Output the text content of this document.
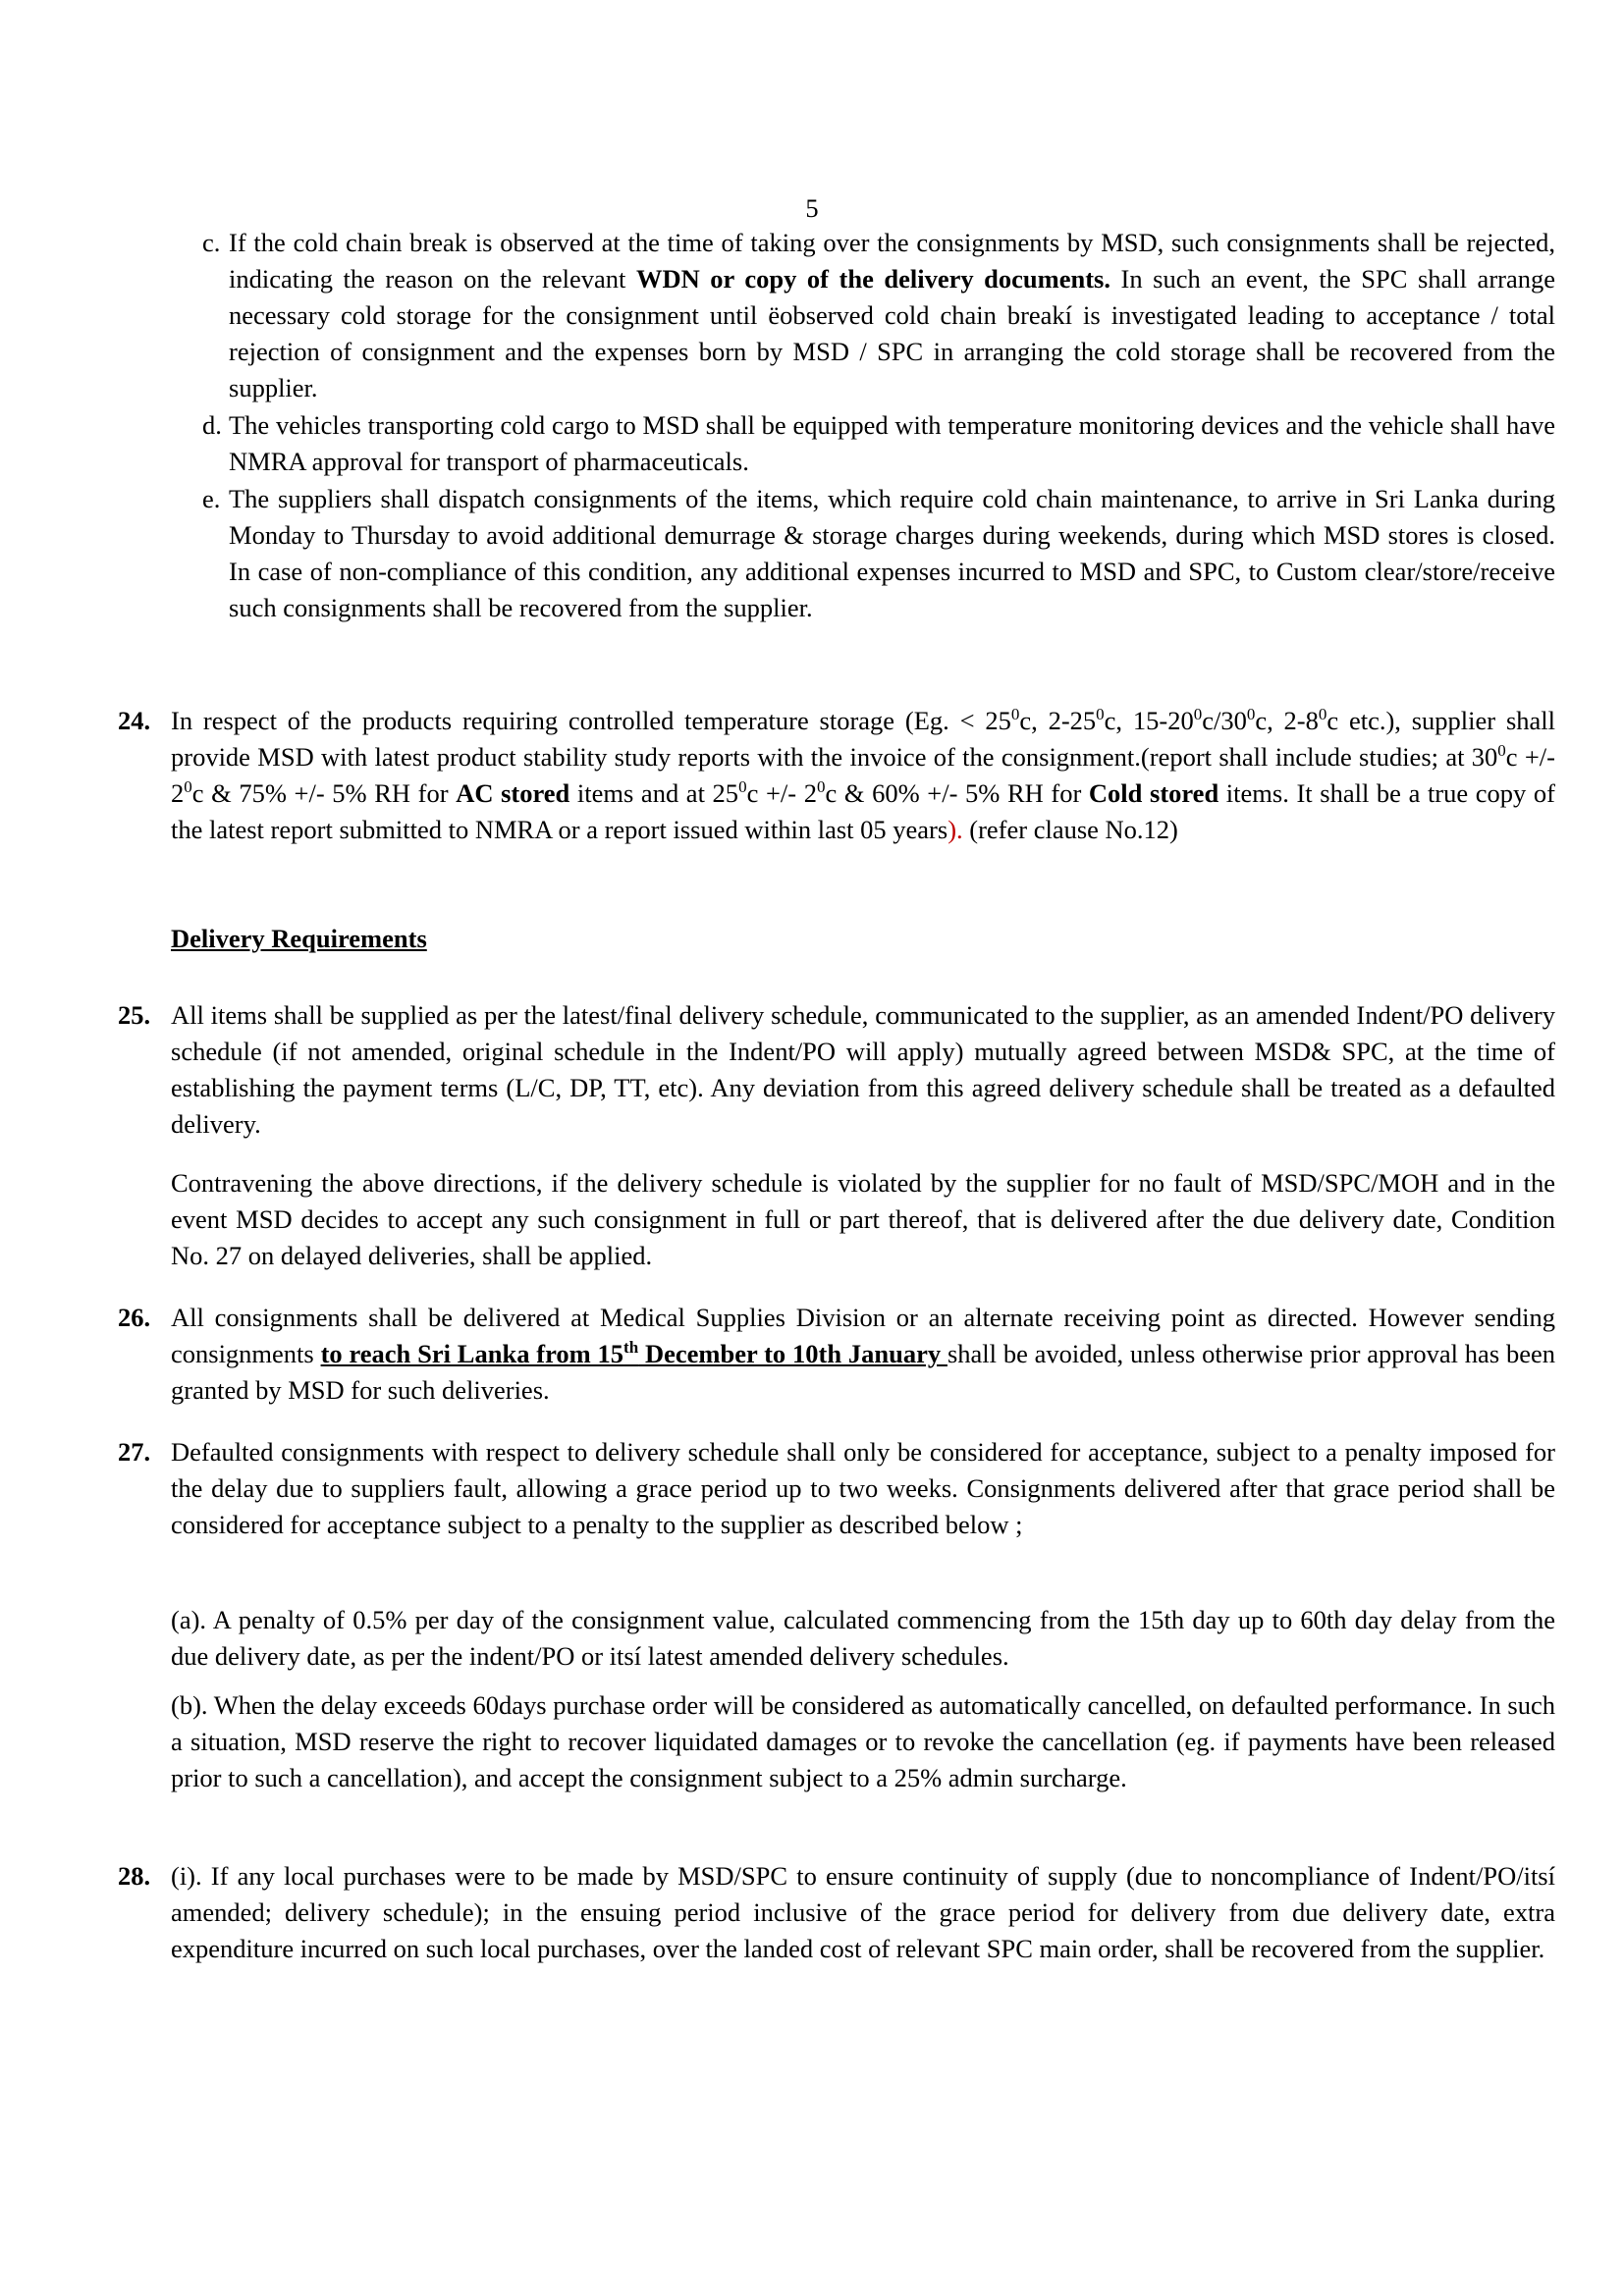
5
c. If the cold chain break is observed at the time of taking over the consignments by MSD, such consignments shall be rejected, indicating the reason on the relevant WDN or copy of the delivery documents. In such an event, the SPC shall arrange necessary cold storage for the consignment until ëobserved cold chain breakí is investigated leading to acceptance / total rejection of consignment and the expenses born by MSD / SPC in arranging the cold storage shall be recovered from the supplier.
d. The vehicles transporting cold cargo to MSD shall be equipped with temperature monitoring devices and the vehicle shall have NMRA approval for transport of pharmaceuticals.
e. The suppliers shall dispatch consignments of the items, which require cold chain maintenance, to arrive in Sri Lanka during Monday to Thursday to avoid additional demurrage & storage charges during weekends, during which MSD stores is closed. In case of non-compliance of this condition, any additional expenses incurred to MSD and SPC, to Custom clear/store/receive such consignments shall be recovered from the supplier.
24. In respect of the products requiring controlled temperature storage (Eg. < $25^0c$, $2-25^0c$, $15-20^0c/30^0c$, $2-8^0c$ etc.), supplier shall provide MSD with latest product stability study reports with the invoice of the consignment.(report shall include studies; at $30^0c$ +/- $2^0c$ & 75% +/- 5% RH for AC stored items and at $25^0c$ +/- $2^0c$ & 60% +/- 5% RH for Cold stored items. It shall be a true copy of the latest report submitted to NMRA or a report issued within last 05 years). (refer clause No.12)
Delivery Requirements
25. All items shall be supplied as per the latest/final delivery schedule, communicated to the supplier, as an amended Indent/PO delivery schedule (if not amended, original schedule in the Indent/PO will apply) mutually agreed between MSD& SPC, at the time of establishing the payment terms (L/C, DP, TT, etc). Any deviation from this agreed delivery schedule shall be treated as a defaulted delivery.
Contravening the above directions, if the delivery schedule is violated by the supplier for no fault of MSD/SPC/MOH and in the event MSD decides to accept any such consignment in full or part thereof, that is delivered after the due delivery date, Condition No. 27 on delayed deliveries, shall be applied.
26. All consignments shall be delivered at Medical Supplies Division or an alternate receiving point as directed. However sending consignments to reach Sri Lanka from 15th December to 10th January shall be avoided, unless otherwise prior approval has been granted by MSD for such deliveries.
27. Defaulted consignments with respect to delivery schedule shall only be considered for acceptance, subject to a penalty imposed for the delay due to suppliers fault, allowing a grace period up to two weeks. Consignments delivered after that grace period shall be considered for acceptance subject to a penalty to the supplier as described below ;
(a). A penalty of 0.5% per day of the consignment value, calculated commencing from the 15th day up to 60th day delay from the due delivery date, as per the indent/PO or itsí latest amended delivery schedules.
(b). When the delay exceeds 60days purchase order will be considered as automatically cancelled, on defaulted performance. In such a situation, MSD reserve the right to recover liquidated damages or to revoke the cancellation (eg. if payments have been released prior to such a cancellation), and accept the consignment subject to a 25% admin surcharge.
28. (i). If any local purchases were to be made by MSD/SPC to ensure continuity of supply (due to noncompliance of Indent/PO/itsí amended; delivery schedule); in the ensuing period inclusive of the grace period for delivery from due delivery date, extra expenditure incurred on such local purchases, over the landed cost of relevant SPC main order, shall be recovered from the supplier.
